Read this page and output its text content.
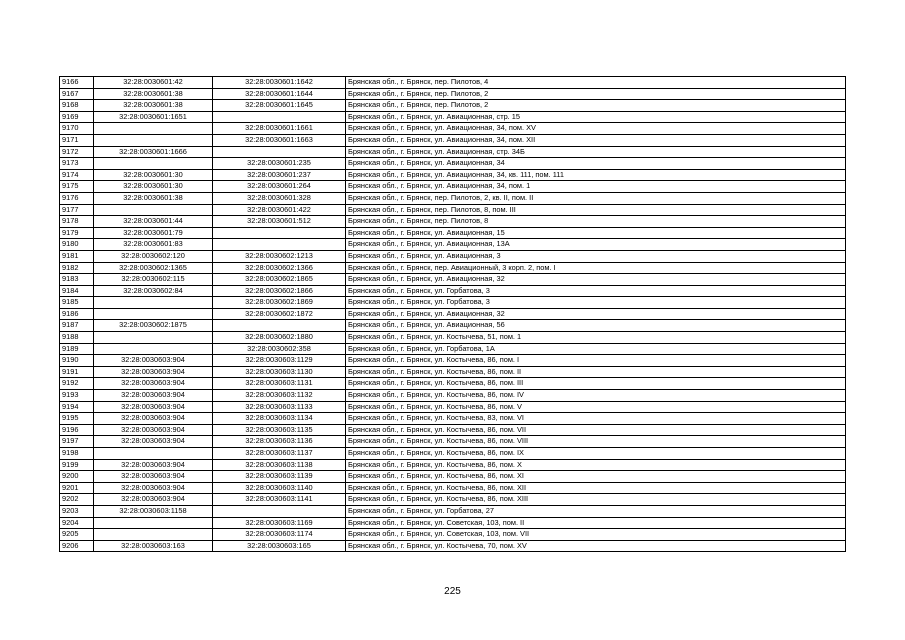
9166	32:28:0030601:42	32:28:0030601:1642	Брянская обл., г. Брянск, пер. Пилотов, 4
9167	32:28:0030601:38	32:28:0030601:1644	Брянская обл., г. Брянск, пер. Пилотов, 2
9168	32:28:0030601:38	32:28:0030601:1645	Брянская обл., г. Брянск, пер. Пилотов, 2
9169	32:28:0030601:1651		Брянская обл., г. Брянск, ул. Авиационная, стр. 15
9170		32:28:0030601:1661	Брянская обл., г. Брянск, ул. Авиационная, 34, пом. XV
9171		32:28:0030601:1663	Брянская обл., г. Брянск, ул. Авиационная, 34, пом. XII
9172	32:28:0030601:1666		Брянская обл., г. Брянск, ул. Авиационная, стр. 34Б
9173		32:28:0030601:235	Брянская обл., г. Брянск, ул. Авиационная, 34
9174	32:28:0030601:30	32:28:0030601:237	Брянская обл., г. Брянск, ул. Авиационная, 34, кв. 111, пом. 111
9175	32:28:0030601:30	32:28:0030601:264	Брянская обл., г. Брянск, ул. Авиационная, 34, пом. 1
9176	32:28:0030601:38	32:28:0030601:328	Брянская обл., г. Брянск, пер. Пилотов, 2, кв. II, пом. II
9177		32:28:0030601:422	Брянская обл., г. Брянск, пер. Пилотов, 8, пом. III
9178	32:28:0030601:44	32:28:0030601:512	Брянская обл., г. Брянск, пер. Пилотов, 8
9179	32:28:0030601:79		Брянская обл., г. Брянск, ул. Авиационная, 15
9180	32:28:0030601:83		Брянская обл., г. Брянск, ул. Авиационная, 13А
9181	32:28:0030602:120	32:28:0030602:1213	Брянская обл., г. Брянск, ул. Авиационная, 3
9182	32:28:0030602:1365	32:28:0030602:1366	Брянская обл., г. Брянск, пер. Авиационный, 3 корп. 2, пом. I
9183	32:28:0030602:115	32:28:0030602:1865	Брянская обл., г. Брянск, ул. Авиационная, 32
9184	32:28:0030602:84	32:28:0030602:1866	Брянская обл., г. Брянск, ул. Горбатова, 3
9185		32:28:0030602:1869	Брянская обл., г. Брянск, ул. Горбатова, 3
9186		32:28:0030602:1872	Брянская обл., г. Брянск, ул. Авиационная, 32
9187	32:28:0030602:1875		Брянская обл., г. Брянск, ул. Авиационная, 56
9188		32:28:0030602:1880	Брянская обл., г. Брянск, ул. Костычева, 51, пом. 1
9189		32:28:0030602:358	Брянская обл., г. Брянск, ул. Горбатова, 1А
9190	32:28:0030603:904	32:28:0030603:1129	Брянская обл., г. Брянск, ул. Костычева, 86, пом. I
9191	32:28:0030603:904	32:28:0030603:1130	Брянская обл., г. Брянск, ул. Костычева, 86, пом. II
9192	32:28:0030603:904	32:28:0030603:1131	Брянская обл., г. Брянск, ул. Костычева, 86, пом. III
9193	32:28:0030603:904	32:28:0030603:1132	Брянская обл., г. Брянск, ул. Костычева, 86, пом. IV
9194	32:28:0030603:904	32:28:0030603:1133	Брянская обл., г. Брянск, ул. Костычева, 86, пом. V
9195	32:28:0030603:904	32:28:0030603:1134	Брянская обл., г. Брянск, ул. Костычева, 83, пом. VI
9196	32:28:0030603:904	32:28:0030603:1135	Брянская обл., г. Брянск, ул. Костычева, 86, пом. VII
9197	32:28:0030603:904	32:28:0030603:1136	Брянская обл., г. Брянск, ул. Костычева, 86, пом. VIII
9198		32:28:0030603:1137	Брянская обл., г. Брянск, ул. Костычева, 86, пом. IX
9199	32:28:0030603:904	32:28:0030603:1138	Брянская обл., г. Брянск, ул. Костычева, 86, пом. X
9200	32:28:0030603:904	32:28:0030603:1139	Брянская обл., г. Брянск, ул. Костычева, 86, пом. XI
9201	32:28:0030603:904	32:28:0030603:1140	Брянская обл., г. Брянск, ул. Костычева, 86, пом. XII
9202	32:28:0030603:904	32:28:0030603:1141	Брянская обл., г. Брянск, ул. Костычева, 86, пом. XIII
9203	32:28:0030603:1158		Брянская обл., г. Брянск, ул. Горбатова, 27
9204		32:28:0030603:1169	Брянская обл., г. Брянск, ул. Советская, 103, пом. II
9205		32:28:0030603:1174	Брянская обл., г. Брянск, ул. Советская, 103, пом. VII
9206	32:28:0030603:163	32:28:0030603:165	Брянская обл., г. Брянск, ул. Костычева, 70, пом. XV
225
